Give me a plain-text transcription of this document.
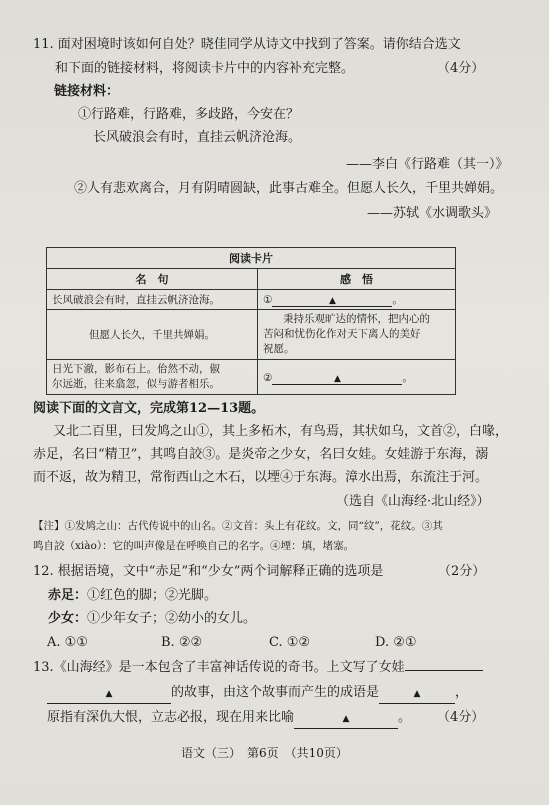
11. 面对困境时该如何自处？晓佳同学从诗文中找到了答案。请你结合选文
和下面的链接材料，将阅读卡片中的内容补充完整。	（4分）
链接材料：
①行路难，行路难，多歧路，今安在？
长风破浪会有时，直挂云帆济沧海。
——李白《行路难（其一）》
②人有悲欢离合，月有阴晴圆缺，此事古难全。但愿人长久，千里共婵娟。
——苏轼《水调歌头》
阅读卡片	
名　句	感　悟
长风破浪会有时，直挂云帆济沧海。	① ▲ 。
但愿人长久，千里共婵娟。	秉持乐观旷达的情怀，把内心的
苦闷和忧伤化作对天下离人的美好
祝愿。

日光下澈，影布石上。佁然不动，俶
尔远逝，往来翕忽，似与游者相乐。	② ▲ 。
阅读下面的文言文，完成第12—13题。
又北二百里，曰发鸠之山①，其上多柘木，有鸟焉，其状如乌，文首②，白喙，
赤足，名曰“精卫”，其鸣自詨③。是炎帝之少女，名曰女娃。女娃游于东海，溺
而不返，故为精卫，常衔西山之木石，以堙④于东海。漳水出焉，东流注于河。
（选自《山海经·北山经》）
【注】①发鸠之山：古代传说中的山名。②文首：头上有花纹。文，同“纹”，花纹。③其
鸣自詨（xiào）：它的叫声像是在呼唤自己的名字。④堙：填，堵塞。
12. 根据语境，文中“赤足”和“少女”两个词解释正确的选项是	（2分）
赤足：①红色的脚；②光脚。
少女：①少年女子；②幼小的女儿。
A. ①①	B. ②②	C. ①②	D. ②①
13.《山海经》是一本包含了丰富神话传说的奇书。上文写了女娃
▲	的故事，由这个故事而产生的成语是	▲	，
原指有深仇大恨，立志必报，现在用来比喻	▲	。 （4分）
语文（三）　第6页　（共10页）
